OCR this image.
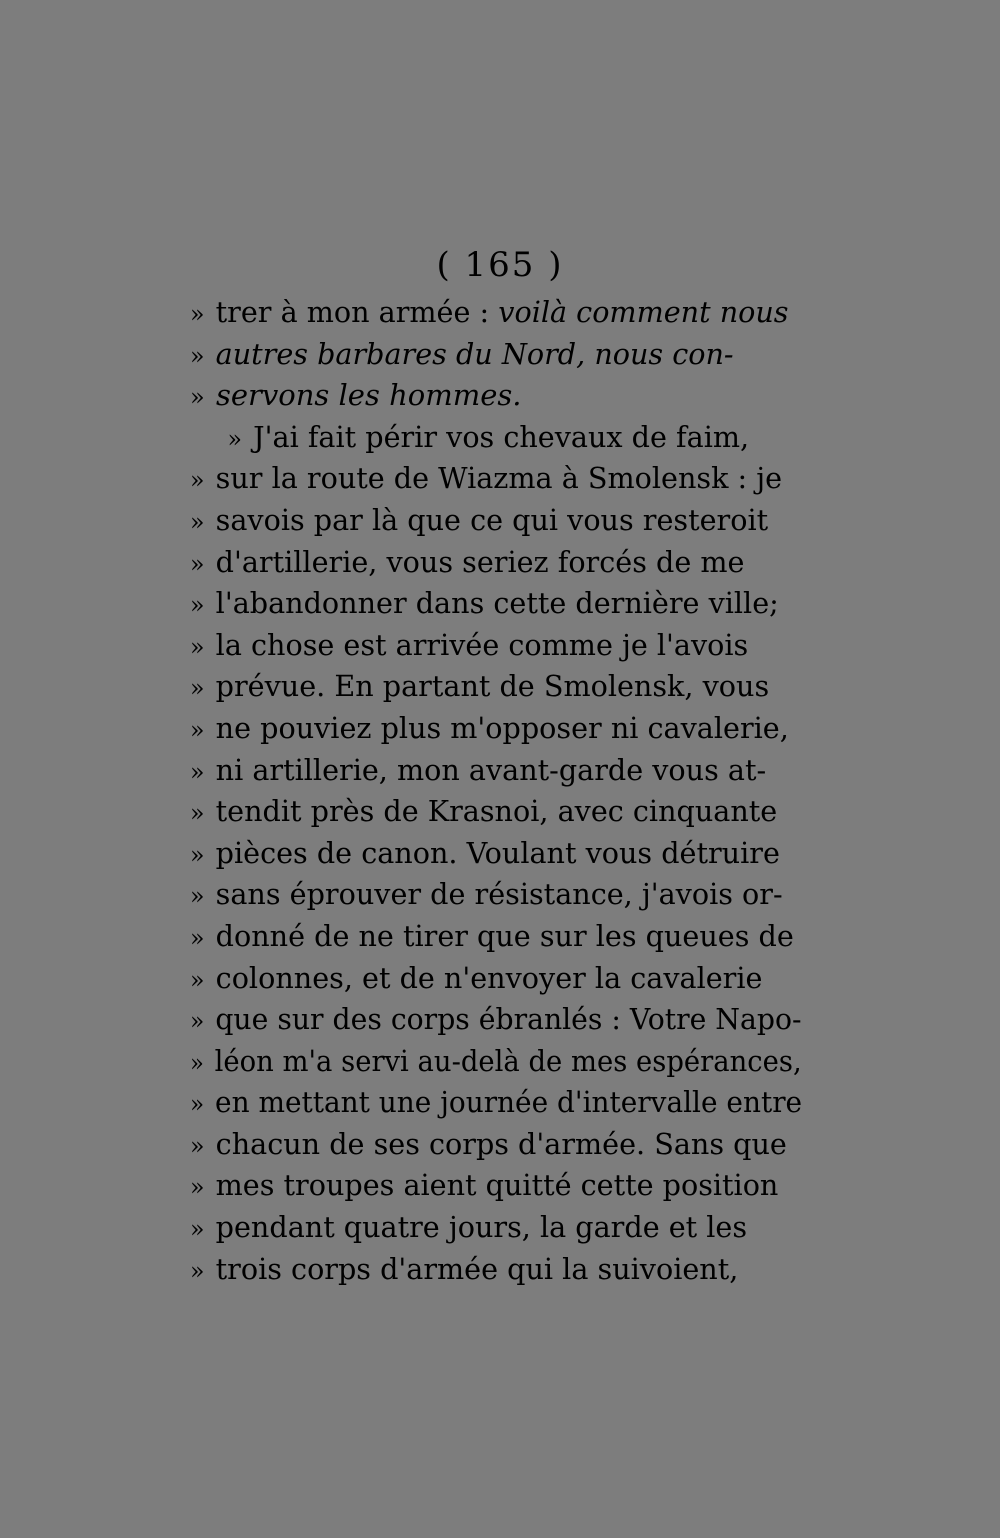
( 165 )
» trer à mon armée : voilà comment nous
» autres barbares du Nord, nous con-
» servons les hommes.
» J'ai fait périr vos chevaux de faim,
» sur la route de Wiazma à Smolensk : je
» savois par là que ce qui vous resteroit
» d'artillerie, vous seriez forcés de me
» l'abandonner dans cette dernière ville;
» la chose est arrivée comme je l'avois
» prévue. En partant de Smolensk, vous
» ne pouviez plus m'opposer ni cavalerie,
» ni artillerie, mon avant-garde vous at-
» tendit près de Krasnoi, avec cinquante
» pièces de canon. Voulant vous détruire
» sans éprouver de résistance, j'avois or-
» donné de ne tirer que sur les queues de
» colonnes, et de n'envoyer la cavalerie
» que sur des corps ébranlés : Votre Napo-
» léon m'a servi au-delà de mes espérances,
» en mettant une journée d'intervalle entre
» chacun de ses corps d'armée. Sans que
» mes troupes aient quitté cette position
» pendant quatre jours, la garde et les
» trois corps d'armée qui la suivoient,
